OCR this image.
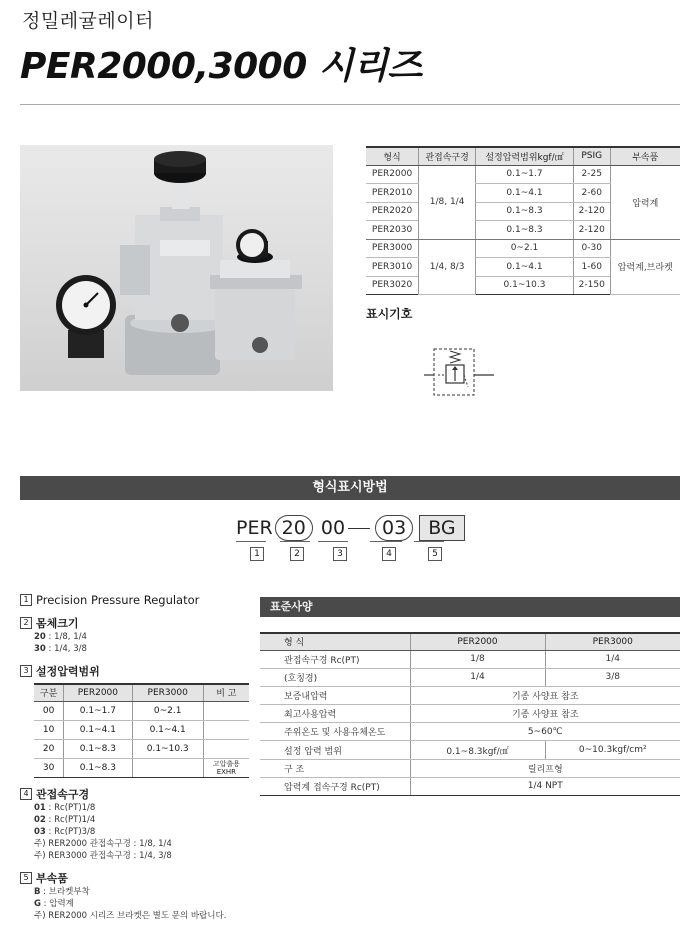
정밀레귤레이터
PER2000,3000 시리즈
형식	관접속구경	설정압력범위kgf/㎠	PSIG	부속품
PER2000	1/8, 1/4	0.1~1.7	2-25	압력계
PER2010		0.1~4.1	2-60	
PER2020		0.1~8.3	2-120	
PER2030		0.1~8.3	2-120	
PER3000	1/4, 8/3	0~2.1	0-30	압력계,브라켓
PER3010		0.1~4.1	1-60	
PER3020		0.1~10.3	2-150	
표시기호
형식표시방법
PER 20 00	03	BG
1	2	3	4	5
1 Precision Pressure Regulator
2 몸체크기
20 : 1/8, 1/4
30 : 1/4, 3/8
3 설정압력범위
구분	PER2000	PER3000	비 고
00	0.1~1.7	0~2.1	

10	0.1~4.1	0.1~4.1	

20	0.1~8.3	0.1~10.3	

30	0.1~8.3		고압출용
EXHR
4 관접속구경
01 : Rc(PT)1/8
02 : Rc(PT)1/4
03 : Rc(PT)3/8
주) RER2000 관접속구경 : 1/8, 1/4
주) RER3000 관접속구경 : 1/4, 3/8
5 부속품
B : 브라켓부착
G : 압력계
주) RER2000 시리즈 브라켓은 별도 문의 바랍니다.
표준사양
형 식	PER2000	PER3000
관접속구경 Rc(PT)	1/8	1/4
(호칭경)	1/4	3/8
보증내압력	기종 사양표 참조	
최고사용압력	기종 사양표 참조	
주위온도 및 사용유체온도	5~60℃	
설정 압력 범위	0.1~8.3kgf/㎠	0~10.3kgf/cm²
구 조	릴리프형	
압력계 접속구경 Rc(PT)	1/4 NPT	
